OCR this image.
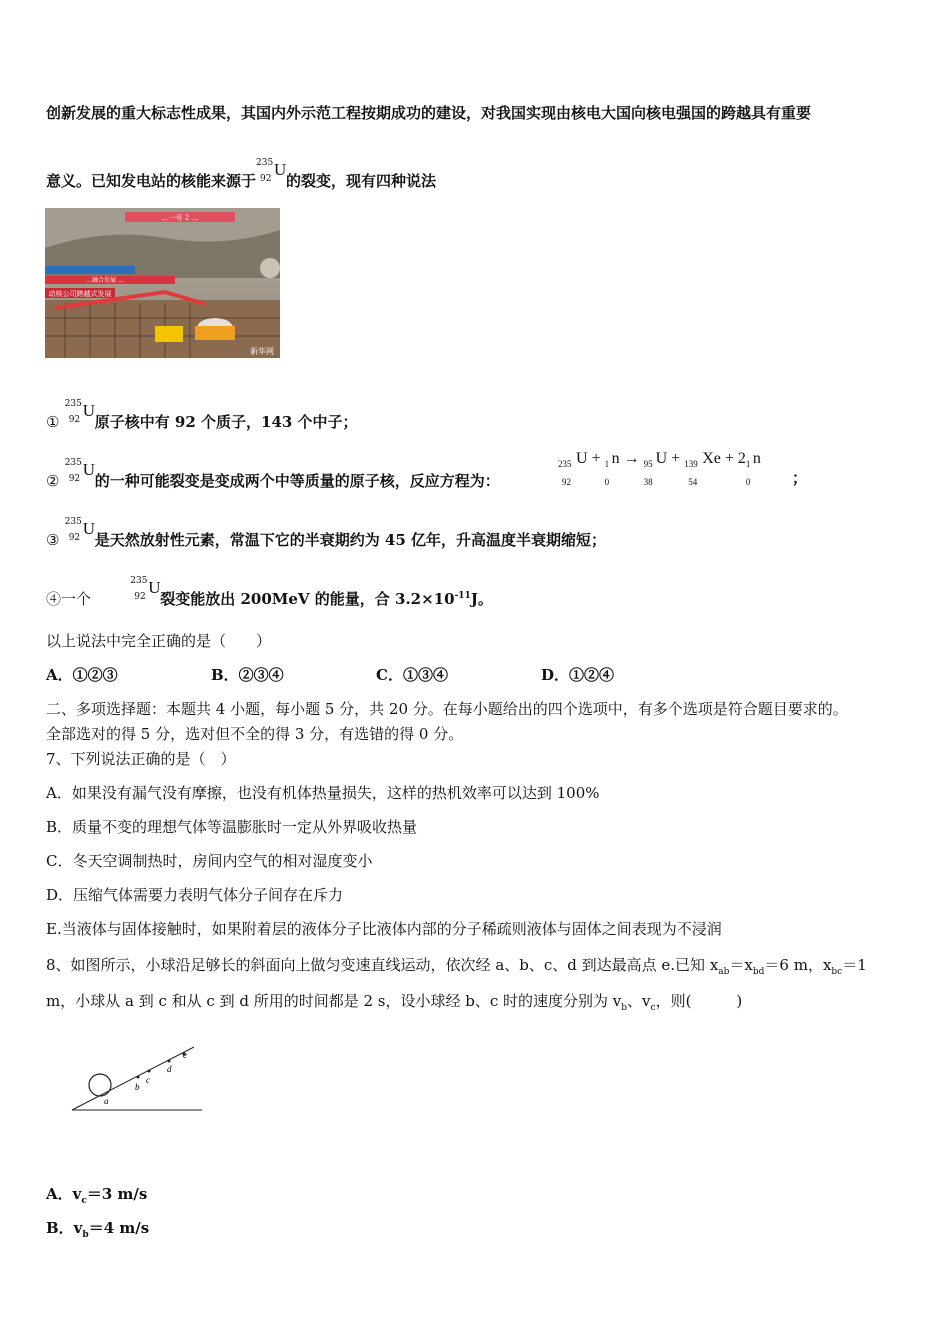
创新发展的重大标志性成果，其国内外示范工程按期成功的建设，对我国实现由核电大国向核电强国的跨越具有重要
意义。已知发电站的核能来源于
235
92 U
的裂变，现有四种说法
…一号 2 …
…融合发展 …
动核公司跨越式发展
新华网
①
235
92 U
原子核中有 92 个质子，143 个中子；
②
235
92 U
的一种可能裂变是变成两个中等质量的原子核，反应方程为：
235
92
U + 1
0
n → 95
38
U + 139
54
Xe + 2 1
0
n
；
③
235
92 U
是天然放射性元素，常温下它的半衰期约为 45 亿年，升高温度半衰期缩短；
④一个
235
92 U
裂变能放出 200MeV 的能量，合 $3.2\times 10^{-11}J$。
以上说法中完全正确的是（　　）
A．①②③	B．②③④	C．①③④	D．①②④
二、多项选择题：本题共 4 小题，每小题 5 分，共 20 分。在每小题给出的四个选项中，有多个选项是符合题目要求的。
全部选对的得 5 分，选对但不全的得 3 分，有选错的得 0 分。
7、下列说法正确的是（　）
A．如果没有漏气没有摩擦，也没有机体热量损失，这样的热机效率可以达到 100%
B．质量不变的理想气体等温膨胀时一定从外界吸收热量
C．冬天空调制热时，房间内空气的相对湿度变小
D．压缩气体需要力表明气体分子间存在斥力
E.当液体与固体接触时，如果附着层的液体分子比液体内部的分子稀疏则液体与固体之间表现为不浸润
8、如图所示，小球沿足够长的斜面向上做匀变速直线运动，依次经 a、b、c、d 到达最高点 e.已知 $x_{ab}=x_{bd}=6$ m，$x_{bc}=1$
m，小球从 a 到 c 和从 c 到 d 所用的时间都是 2 s，设小球经 b、c 时的速度分别为 $v_b$、$v_c$，则(　　　)
a
b
c
d
e
A．$v_c=3$ m/s
B．$v_b=4$ m/s
